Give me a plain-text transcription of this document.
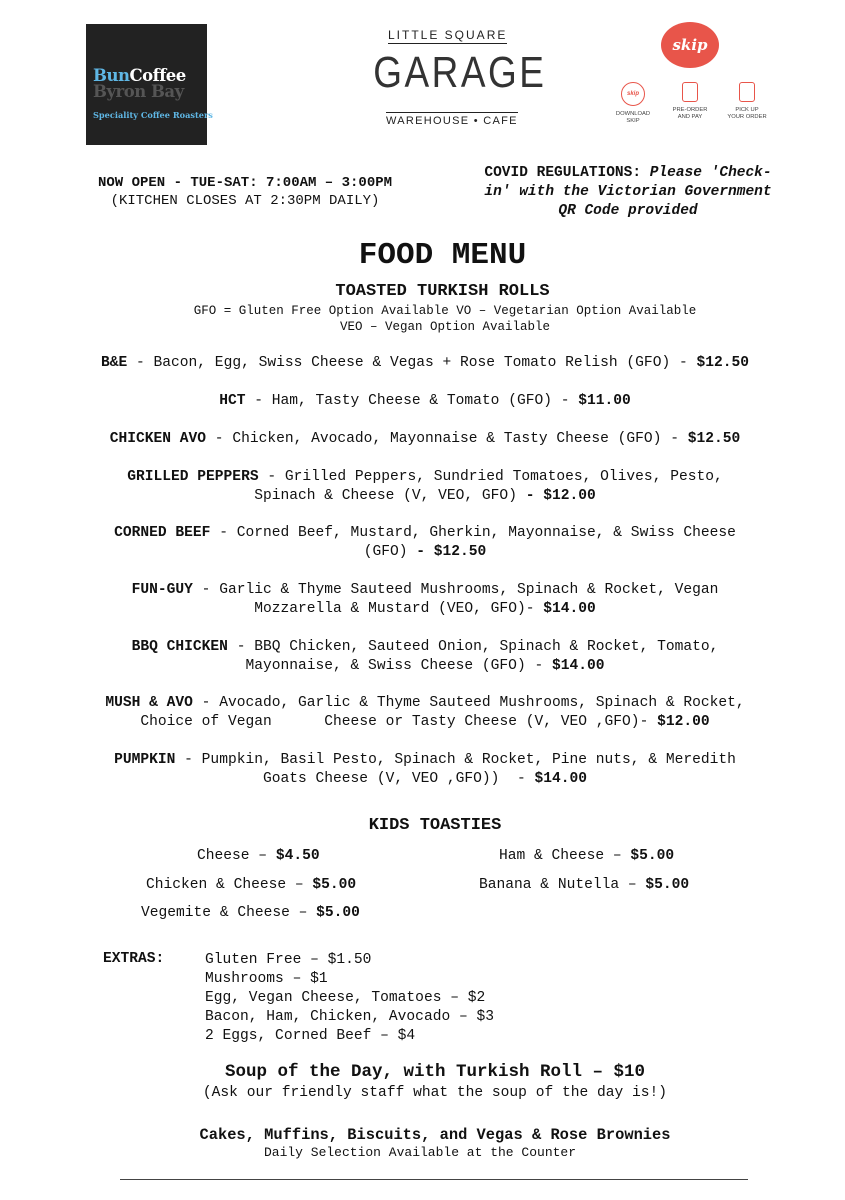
BunCoffee
Byron Bay
Speciality Coffee Roasters
LITTLE SQUARE
GARAGE
WAREHOUSE • CAFE
skip
skip
DOWNLOAD
SKIP
PRE-ORDER
AND PAY
PICK UP
YOUR ORDER
NOW OPEN - TUE-SAT: 7:00AM – 3:00PM
(KITCHEN CLOSES AT 2:30PM DAILY)
COVID REGULATIONS: Please 'Check-
in' with the Victorian Government
QR Code provided
FOOD MENU
TOASTED TURKISH ROLLS
GFO = Gluten Free Option Available VO – Vegetarian Option Available
VEO – Vegan Option Available
B&E - Bacon, Egg, Swiss Cheese & Vegas + Rose Tomato Relish (GFO) - $12.50
HCT - Ham, Tasty Cheese & Tomato (GFO) - $11.00
CHICKEN AVO - Chicken, Avocado, Mayonnaise & Tasty Cheese (GFO) - $12.50
GRILLED PEPPERS - Grilled Peppers, Sundried Tomatoes, Olives, Pesto,
Spinach & Cheese (V, VEO, GFO) - $12.00
CORNED BEEF - Corned Beef, Mustard, Gherkin, Mayonnaise, & Swiss Cheese
(GFO) - $12.50
FUN-GUY - Garlic & Thyme Sauteed Mushrooms, Spinach & Rocket, Vegan
Mozzarella & Mustard (VEO, GFO)- $14.00
BBQ CHICKEN - BBQ Chicken, Sauteed Onion, Spinach & Rocket, Tomato,
Mayonnaise, & Swiss Cheese (GFO) - $14.00
MUSH & AVO - Avocado, Garlic & Thyme Sauteed Mushrooms, Spinach & Rocket,
Choice of Vegan      Cheese or Tasty Cheese (V, VEO ,GFO)- $12.00
PUMPKIN - Pumpkin, Basil Pesto, Spinach & Rocket, Pine nuts, & Meredith
Goats Cheese (V, VEO ,GFO))  - $14.00
KIDS TOASTIES
Cheese – $4.50	Ham & Cheese – $5.00
Chicken & Cheese – $5.00	Banana & Nutella – $5.00
Vegemite & Cheese – $5.00
EXTRAS:	Gluten Free – $1.50
Mushrooms – $1
Egg, Vegan Cheese, Tomatoes – $2
Bacon, Ham, Chicken, Avocado – $3
2 Eggs, Corned Beef – $4
Soup of the Day, with Turkish Roll – $10
(Ask our friendly staff what the soup of the day is!)
Cakes, Muffins, Biscuits, and Vegas & Rose Brownies
Daily Selection Available at the Counter
